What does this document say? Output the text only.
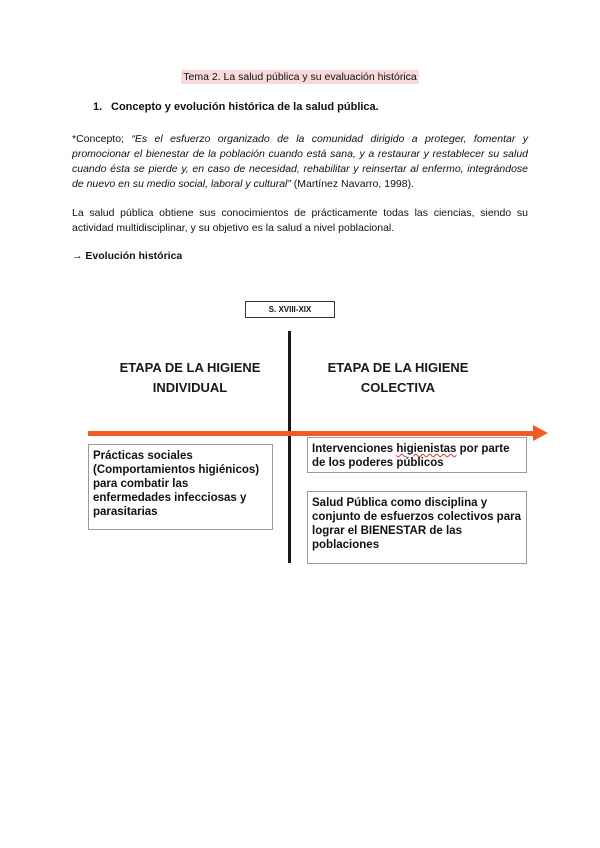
Tema 2. La salud pública y su evaluación histórica
1. Concepto y evolución histórica de la salud pública.
*Concepto; “Es el esfuerzo organizado de la comunidad dirigido a proteger, fomentar y promocionar el bienestar de la población cuando está sana, y a restaurar y restablecer su salud cuando ésta se pierde y, en caso de necesidad, rehabilitar y reinsertar al enfermo, integrándose de nuevo en su medio social, laboral y cultural” (Martínez Navarro, 1998).
La salud pública obtiene sus conocimientos de prácticamente todas las ciencias, siendo su actividad multidisciplinar, y su objetivo es la salud a nivel poblacional.
→ Evolución histórica
S. XVIII-XIX
ETAPA DE LA HIGIENE
INDIVIDUAL
ETAPA DE LA HIGIENE
COLECTIVA
Prácticas sociales (Comportamientos higiénicos) para combatir las enfermedades infecciosas y parasitarias
Intervenciones higienistas por parte de los poderes públicos
Salud Pública como disciplina y conjunto de esfuerzos colectivos para lograr el BIENESTAR de las poblaciones
